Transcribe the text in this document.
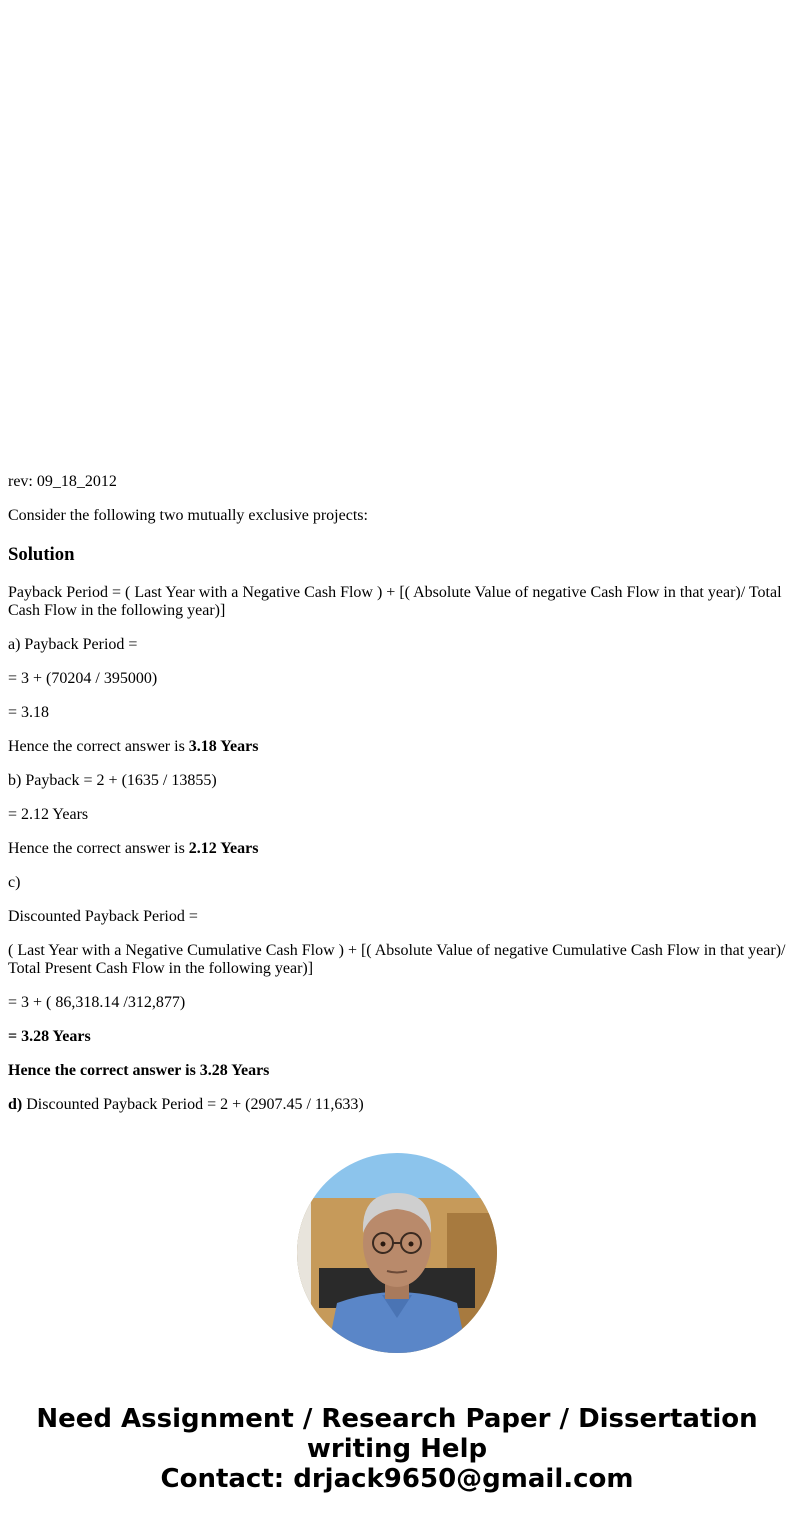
rev: 09_18_2012

Consider the following two mutually exclusive projects:

Solution

Payback Period = ( Last Year with a Negative Cash Flow ) + [( Absolute Value of negative Cash Flow in that year)/ Total Cash Flow in the following year)]

a) Payback Period =

= 3 + (70204 / 395000)

= 3.18

Hence the correct answer is 3.18 Years

b) Payback = 2 + (1635 / 13855)

= 2.12 Years

Hence the correct answer is 2.12 Years

c)

Discounted Payback Period =

( Last Year with a Negative Cumulative Cash Flow ) + [( Absolute Value of negative Cumulative Cash Flow in that year)/ Total Present Cash Flow in the following year)]

= 3 + ( 86,318.14 /312,877)

= 3.28 Years

Hence the correct answer is 3.28 Years

d) Discounted Payback Period = 2 + (2907.45 / 11,633)

Need Assignment / Research Paper / Dissertation writing Help
Contact: drjack9650@gmail.com
